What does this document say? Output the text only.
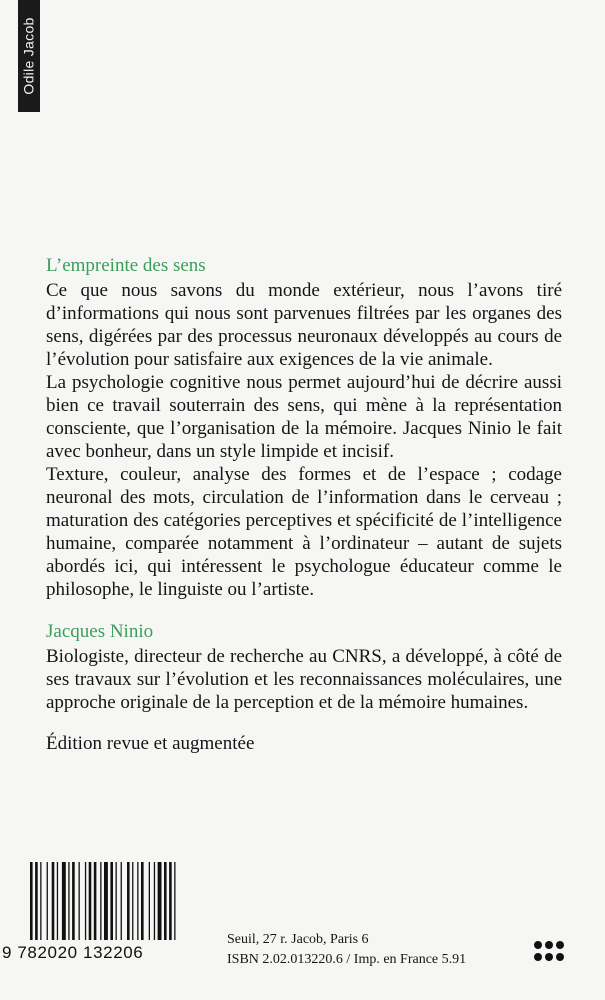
Odile Jacob

L’empreinte des sens

Ce que nous savons du monde extérieur, nous l’avons tiré d’informations qui nous sont parvenues filtrées par les organes des sens, digérées par des processus neuronaux développés au cours de l’évolution pour satisfaire aux exigences de la vie animale.

La psychologie cognitive nous permet aujourd’hui de décrire aussi bien ce travail souterrain des sens, qui mène à la représentation consciente, que l’organisation de la mémoire. Jacques Ninio le fait avec bonheur, dans un style limpide et incisif.

Texture, couleur, analyse des formes et de l’espace ; codage neuronal des mots, circulation de l’information dans le cerveau ; maturation des catégories perceptives et spécificité de l’intelligence humaine, comparée notamment à l’ordinateur – autant de sujets abordés ici, qui intéressent le psychologue éducateur comme le philosophe, le linguiste ou l’artiste.

Jacques Ninio

Biologiste, directeur de recherche au CNRS, a développé, à côté de ses travaux sur l’évolution et les reconnaissances moléculaires, une approche originale de la perception et de la mémoire humaines.

Édition revue et augmentée

9 782020 132206
Seuil, 27 r. Jacob, Paris 6
ISBN 2.02.013220.6 / Imp. en France 5.91
